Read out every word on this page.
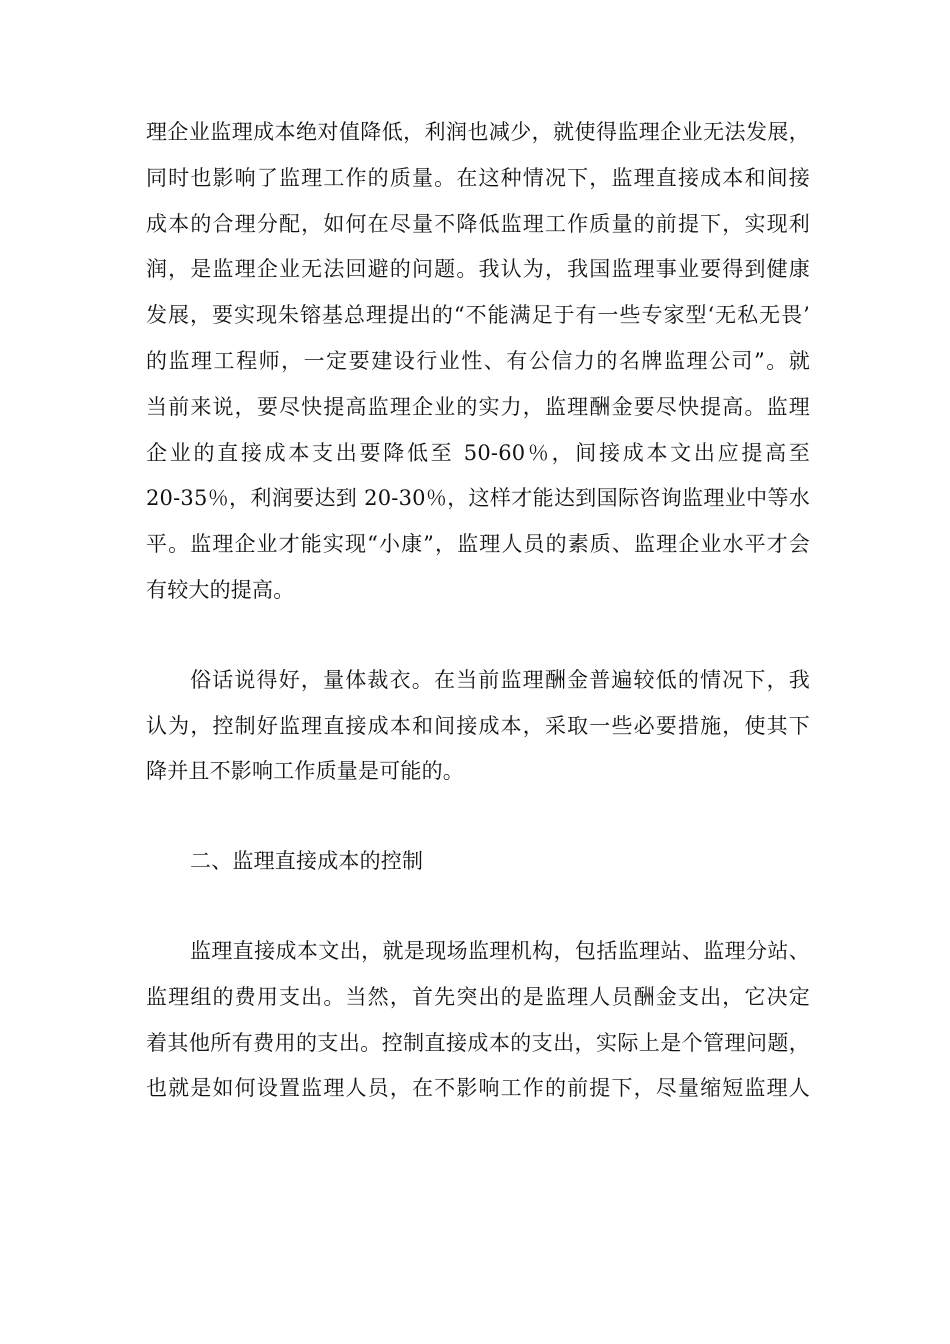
理企业监理成本绝对值降低，利润也减少，就使得监理企业无法发展，
同时也影响了监理工作的质量。在这种情况下，监理直接成本和间接
成本的合理分配，如何在尽量不降低监理工作质量的前提下，实现利
润，是监理企业无法回避的问题。我认为，我国监理事业要得到健康
发展，要实现朱镕基总理提出的“不能满足于有一些专家型‘无私无畏’
的监理工程师，一定要建设行业性、有公信力的名牌监理公司”。就
当前来说，要尽快提高监理企业的实力，监理酬金要尽快提高。监理
企业的直接成本支出要降低至 50-60％，间接成本文出应提高至
20-35％，利润要达到 20-30％，这样才能达到国际咨询监理业中等水
平。监理企业才能实现“小康”，监理人员的素质、监理企业水平才会
有较大的提高。
俗话说得好，量体裁衣。在当前监理酬金普遍较低的情况下，我
认为，控制好监理直接成本和间接成本，采取一些必要措施，使其下
降并且不影响工作质量是可能的。
二、监理直接成本的控制
监理直接成本文出，就是现场监理机构，包括监理站、监理分站、
监理组的费用支出。当然，首先突出的是监理人员酬金支出，它决定
着其他所有费用的支出。控制直接成本的支出，实际上是个管理问题，
也就是如何设置监理人员，在不影响工作的前提下，尽量缩短监理人
